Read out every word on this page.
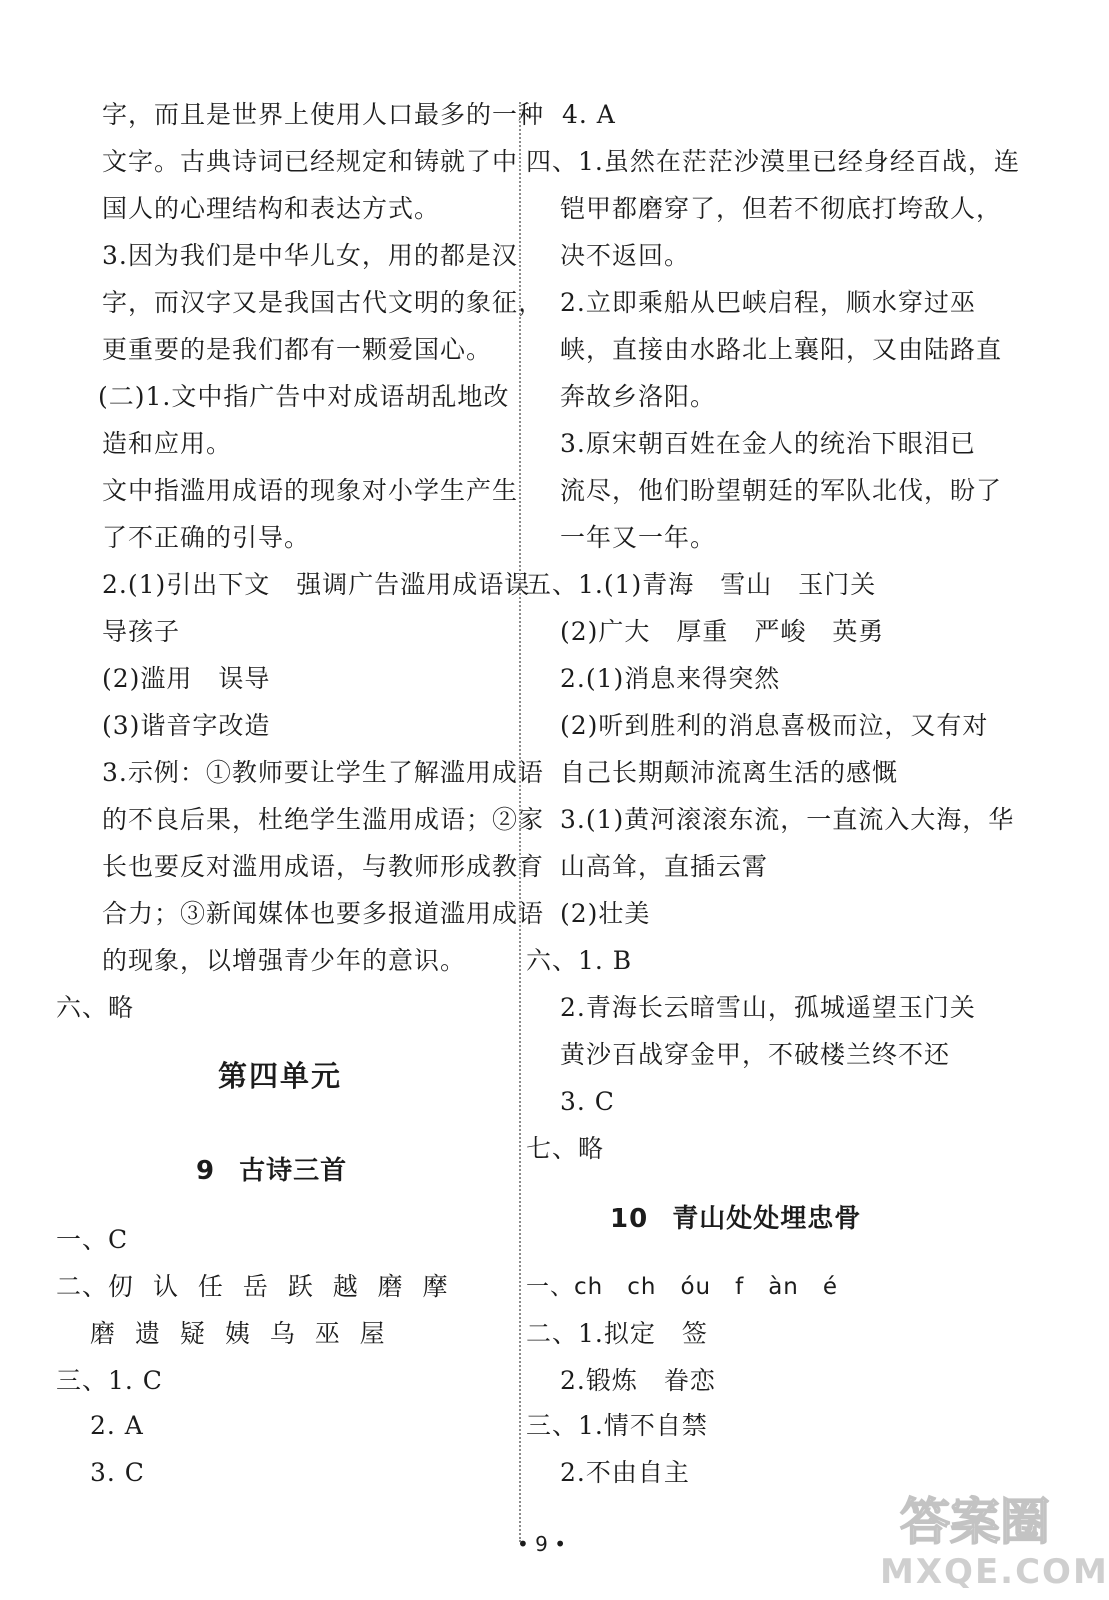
字，而且是世界上使用人口最多的一种
文字。古典诗词已经规定和铸就了中
国人的心理结构和表达方式。
3.因为我们是中华儿女，用的都是汉
字，而汉字又是我国古代文明的象征，
更重要的是我们都有一颗爱国心。
(二)1.文中指广告中对成语胡乱地改
造和应用。
文中指滥用成语的现象对小学生产生
了不正确的引导。
2.(1)引出下文　强调广告滥用成语误
导孩子
(2)滥用　误导
(3)谐音字改造
3.示例：①教师要让学生了解滥用成语
的不良后果，杜绝学生滥用成语；②家
长也要反对滥用成语，与教师形成教育
合力；③新闻媒体也要多报道滥用成语
的现象，以增强青少年的意识。
六、略
第四单元
9 古诗三首
一、C
二、仞 认 任 岳 跃 越 磨 摩
磨 遗 疑 姨 乌 巫 屋
三、1. C
2. A
3. C
4. A
四、1.虽然在茫茫沙漠里已经身经百战，连
铠甲都磨穿了，但若不彻底打垮敌人，
决不返回。
2.立即乘船从巴峡启程，顺水穿过巫
峡，直接由水路北上襄阳，又由陆路直
奔故乡洛阳。
3.原宋朝百姓在金人的统治下眼泪已
流尽，他们盼望朝廷的军队北伐，盼了
一年又一年。
五、1.(1)青海　雪山　玉门关
(2)广大　厚重　严峻　英勇
2.(1)消息来得突然
(2)听到胜利的消息喜极而泣，又有对
自己长期颠沛流离生活的感慨
3.(1)黄河滚滚东流，一直流入大海，华
山高耸，直插云霄
(2)壮美
六、1. B
2.青海长云暗雪山，孤城遥望玉门关
黄沙百战穿金甲，不破楼兰终不还
3. C
七、略
10 青山处处埋忠骨
一、ch　ch　óu　f　àn　é
二、1.拟定　签
2.锻炼　眷恋
三、1.情不自禁
2.不由自主
• 9 •	答案圈
MXQE.COM
